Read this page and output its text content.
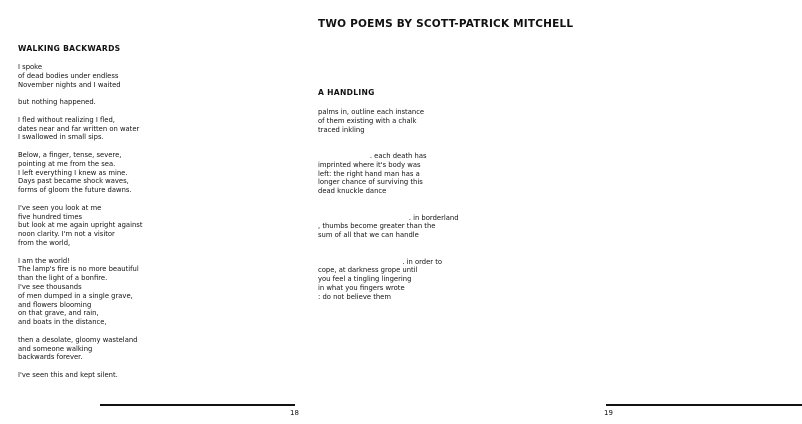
WALKING BACKWARDS
I spoke
of dead bodies under endless
November nights and I waited
but nothing happened.
I fled without realizing I fled,
dates near and far written on water
I swallowed in small sips.
Below, a finger, tense, severe,
pointing at me from the sea.
I left everything I knew as mine.
Days past became shock waves,
forms of gloom the future dawns.
I've seen you look at me
five hundred times
but look at me again upright against
noon clarity. I'm not a visitor
from the world,
I am the world!
The lamp's fire is no more beautiful
than the light of a bonfire.
I've see thousands
of men dumped in a single grave,
and flowers blooming
on that grave, and rain,
and boats in the distance,
then a desolate, gloomy wasteland
and someone walking
backwards forever.
I've seen this and kept silent.
18
TWO POEMS BY SCOTT-PATRICK MITCHELL
A HANDLING
palms in, outline each instance
of them existing with a chalk
traced inkling
. each death has
imprinted where it's body was
left: the right hand man has a
longer chance of surviving this
dead knuckle dance
. in borderland
, thumbs become greater than the
sum of all that we can handle
. in order to
cope, at darkness grope until
you feel a tingling lingering
in what you fingers wrote
: do not believe them
19
